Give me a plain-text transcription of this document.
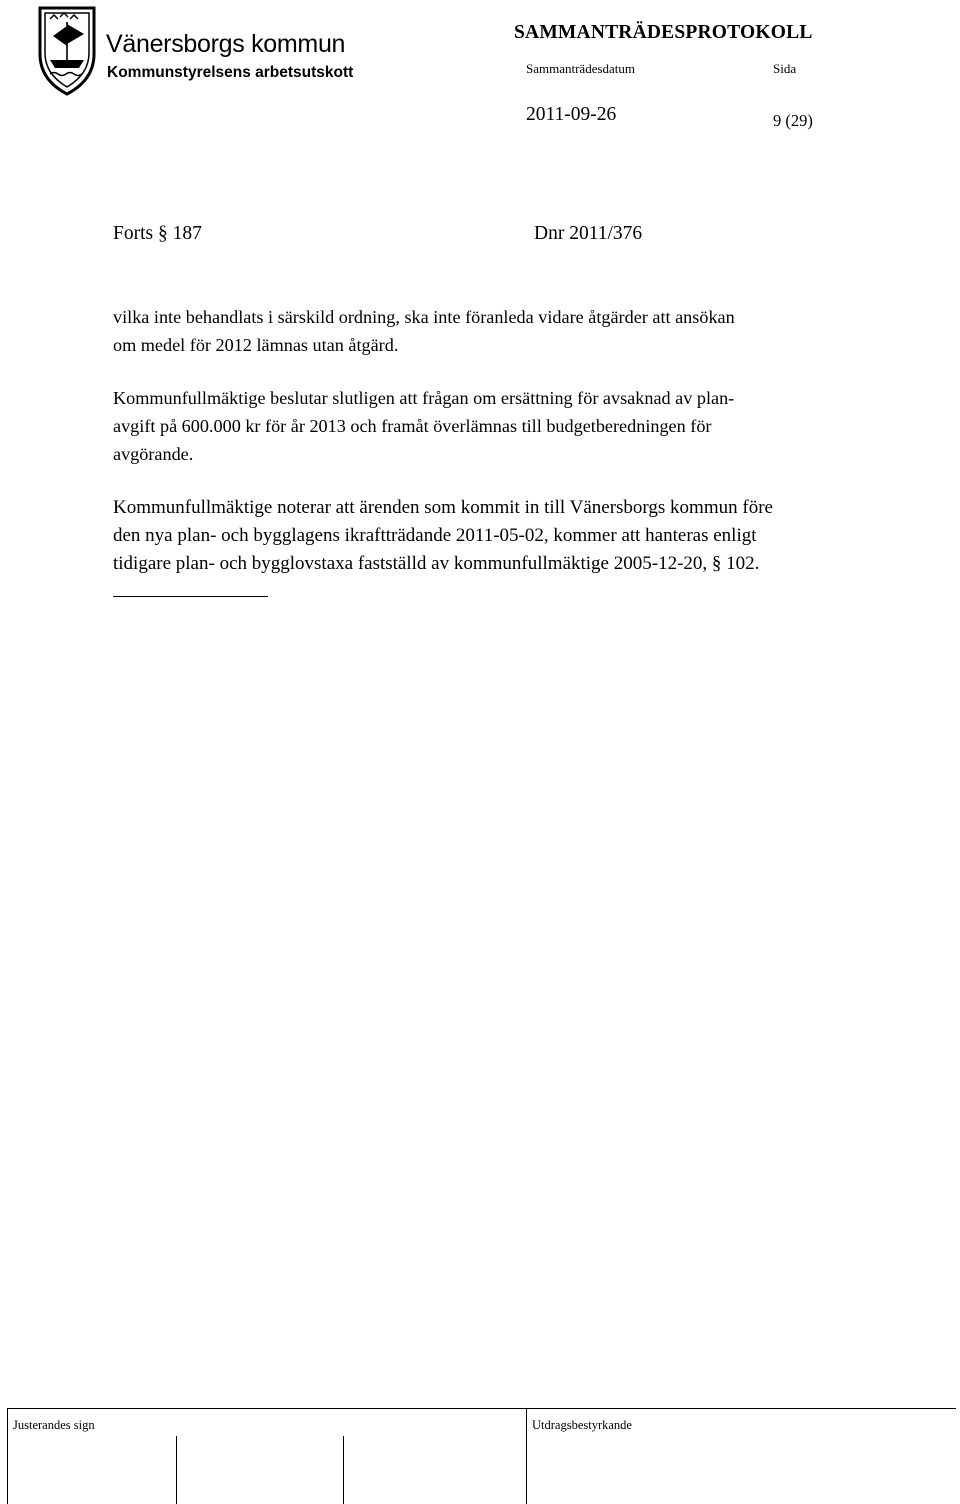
Vänersborgs kommun
Kommunstyrelsens arbetsutskott
SAMMANTRÄDESPROTOKOLL
Sammanträdesdatum	Sida
2011-09-26	9 (29)
Forts § 187	Dnr 2011/376
vilka inte behandlats i särskild ordning, ska inte föranleda vidare åtgärder att ansökan
om medel för 2012 lämnas utan åtgärd.
Kommunfullmäktige beslutar slutligen att frågan om ersättning för avsaknad av plan-
avgift på 600.000 kr för år 2013 och framåt överlämnas till budgetberedningen för
avgörande.
Kommunfullmäktige noterar att ärenden som kommit in till Vänersborgs kommun före
den nya plan- och bygglagens ikraftträdande 2011-05-02, kommer att hanteras enligt
tidigare plan- och bygglovstaxa fastställd av kommunfullmäktige 2005-12-20, § 102.
Justerandes sign	Utdragsbestyrkande
